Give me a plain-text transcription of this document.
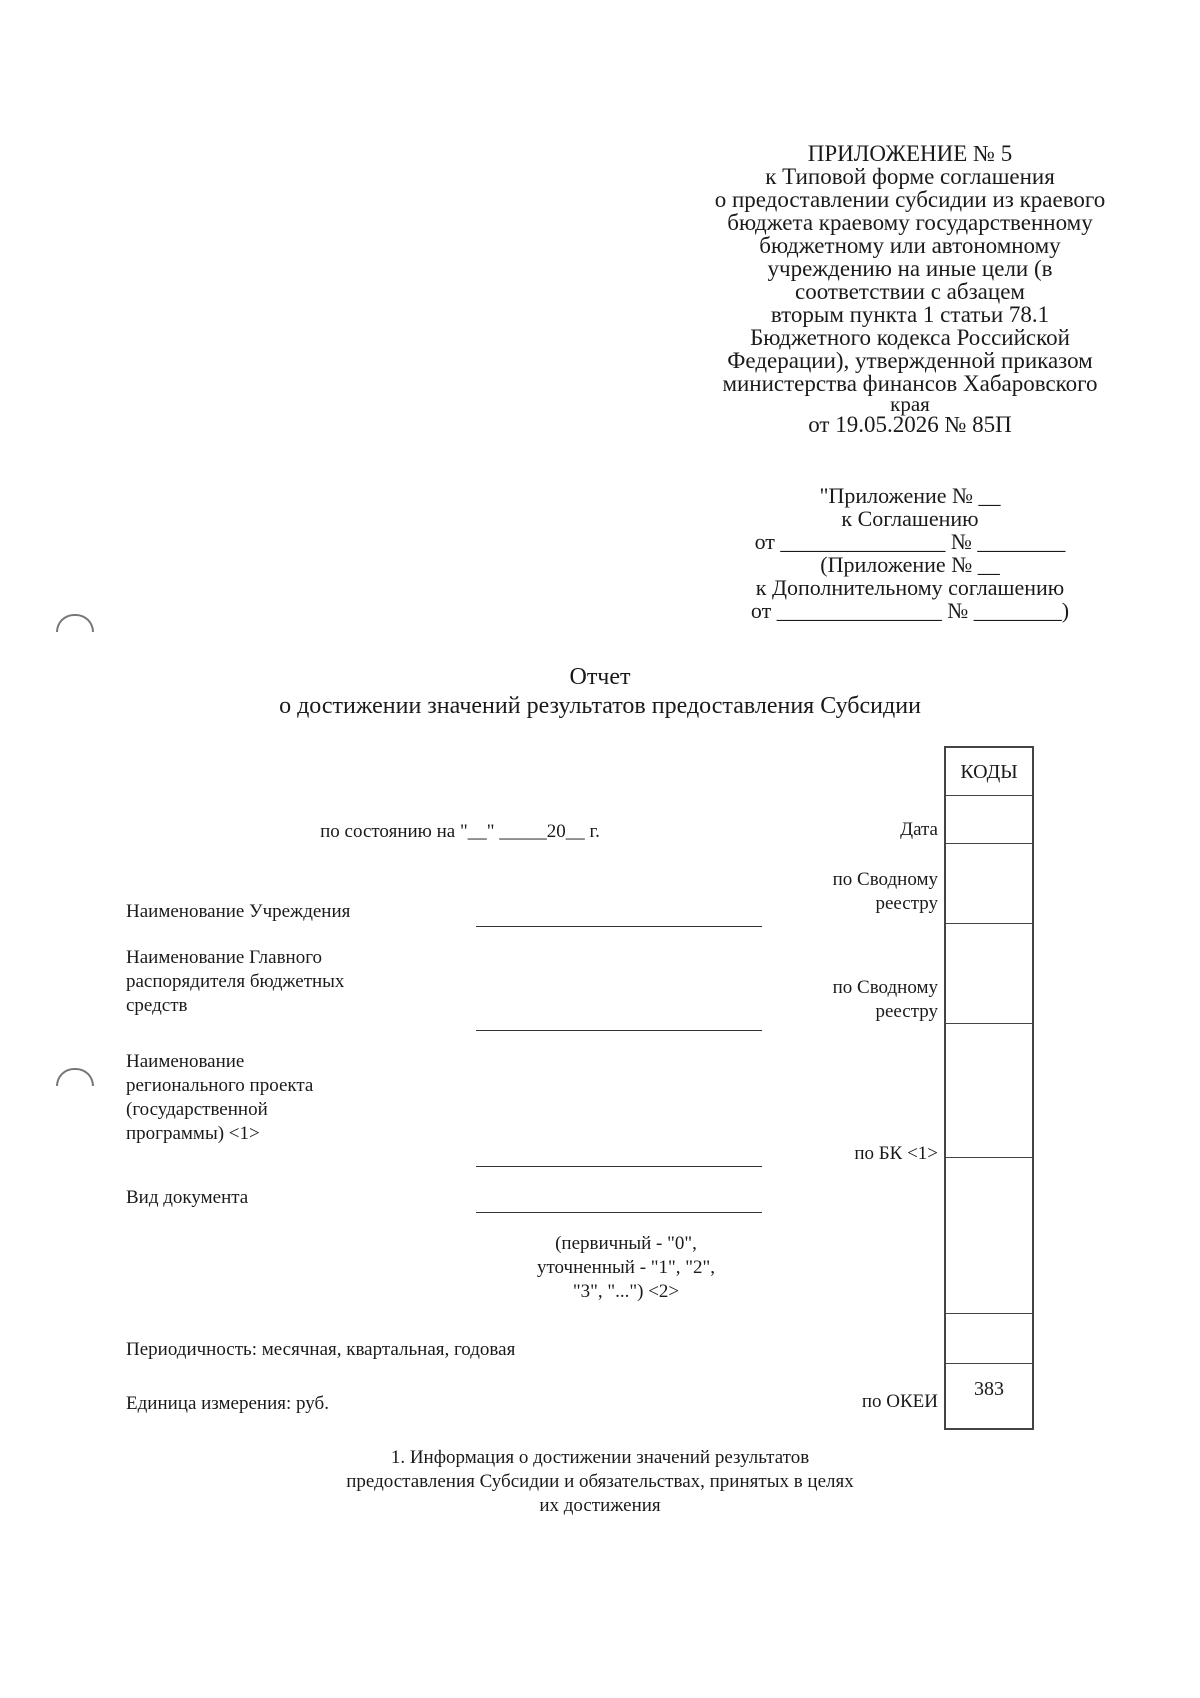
ПРИЛОЖЕНИЕ № 5
к Типовой форме соглашения
о предоставлении субсидии из краевого
бюджета краевому государственному
бюджетному или автономному
учреждению на иные цели (в
соответствии с абзацем
вторым пункта 1 статьи 78.1
Бюджетного кодекса Российской
Федерации), утвержденной приказом
министерства финансов Хабаровского
края
от 19.05.2026 № 85П
"Приложение № __
к Соглашению
от _______________ № ________
(Приложение № __
к Дополнительному соглашению
от _______________ № ________)
Отчет
о достижении значений результатов предоставления Субсидии
КОДЫ
383
Дата
по Сводному
реестру
по Сводному
реестру
по БК <1>
по ОКЕИ
по состоянию на "__" _____20__ г.
Наименование Учреждения
Наименование Главного
распорядителя бюджетных
средств
Наименование
регионального проекта
(государственной
программы) <1>
Вид документа
(первичный - "0",
уточненный - "1", "2",
"3", "...") <2>
Периодичность: месячная, квартальная, годовая
Единица измерения: руб.
1. Информация о достижении значений результатов
предоставления Субсидии и обязательствах, принятых в целях
их достижения
